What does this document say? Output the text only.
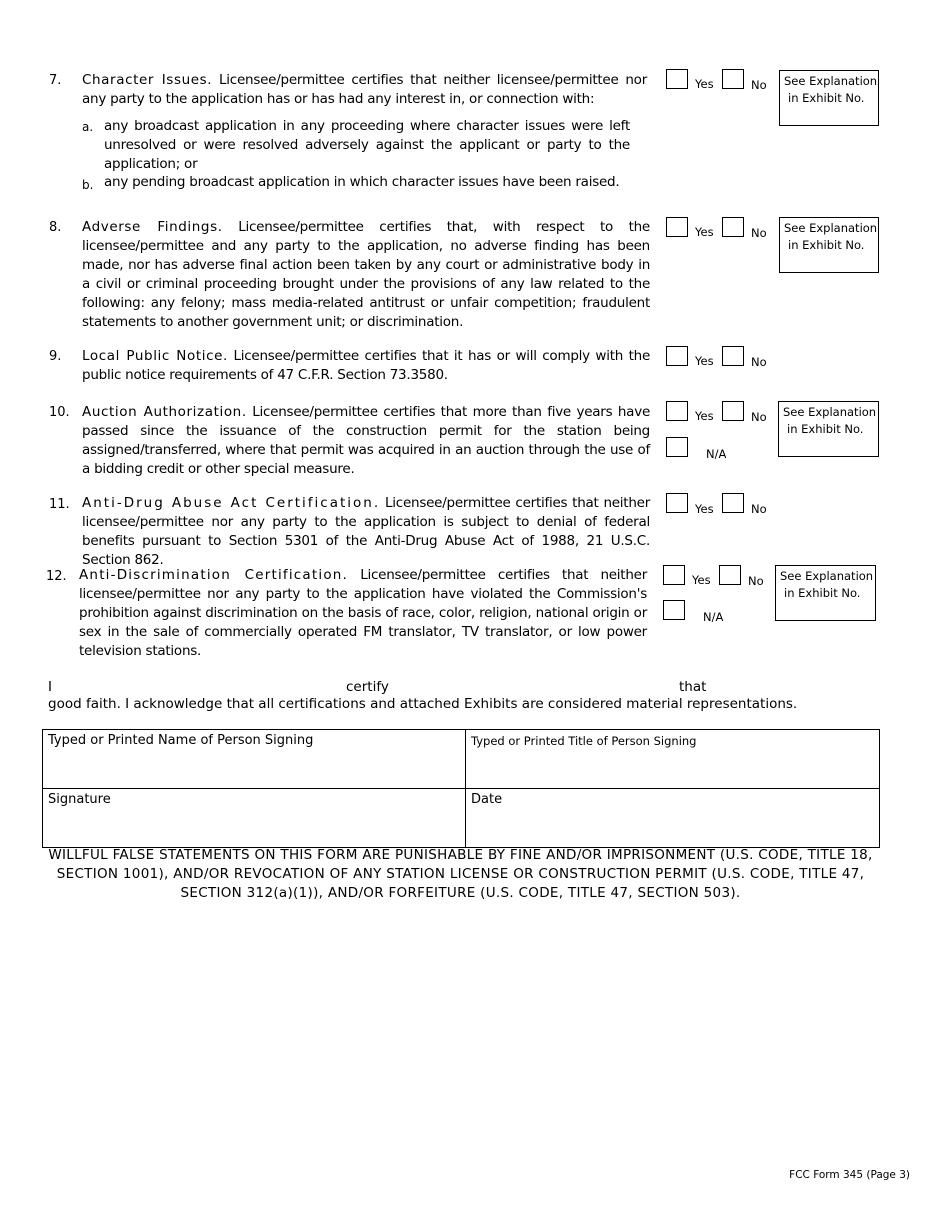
7. Character Issues. Licensee/permittee certifies that neither licensee/permittee nor any party to the application has or has had any interest in, or connection with:
a. any broadcast application in any proceeding where character issues were left unresolved or were resolved adversely against the applicant or party to the application; or
b. any pending broadcast application in which character issues have been raised.
Yes	No See Explanation
in Exhibit No.
8. Adverse Findings. Licensee/permittee certifies that, with respect to the licensee/permittee and any party to the application, no adverse finding has been made, nor has adverse final action been taken by any court or administrative body in a civil or criminal proceeding brought under the provisions of any law related to the following: any felony; mass media-related antitrust or unfair competition; fraudulent statements to another government unit; or discrimination.
Yes	No See Explanation
in Exhibit No.
9. Local Public Notice. Licensee/permittee certifies that it has or will comply with the public notice requirements of 47 C.F.R. Section 73.3580.
Yes	No
10. Auction Authorization. Licensee/permittee certifies that more than five years have passed since the issuance of the construction permit for the station being assigned/transferred, where that permit was acquired in an auction through the use of a bidding credit or other special measure.
Yes	No
N/A
See Explanation
in Exhibit No.
11. Anti-Drug Abuse Act Certification. Licensee/permittee certifies that neither licensee/permittee nor any party to the application is subject to denial of federal benefits pursuant to Section 5301 of the Anti-Drug Abuse Act of 1988, 21 U.S.C. Section 862.
Yes	No
12. Anti-Discrimination Certification. Licensee/permittee certifies that neither licensee/permittee nor any party to the application have violated the Commission's prohibition against discrimination on the basis of race, color, religion, national origin or sex in the sale of commercially operated FM translator, TV translator, or low power television stations.
Yes	No
N/A
See Explanation
in Exhibit No.
I	certify	that
good faith. I acknowledge that all certifications and attached Exhibits are considered material representations.
Typed or Printed Name of Person Signing	Typed or Printed Title of Person Signing
Signature	Date
WILLFUL FALSE STATEMENTS ON THIS FORM ARE PUNISHABLE BY FINE AND/OR IMPRISONMENT (U.S. CODE, TITLE 18, SECTION 1001), AND/OR REVOCATION OF ANY STATION LICENSE OR CONSTRUCTION PERMIT (U.S. CODE, TITLE 47, SECTION 312(a)(1)), AND/OR FORFEITURE (U.S. CODE, TITLE 47, SECTION 503).
FCC Form 345 (Page 3)
